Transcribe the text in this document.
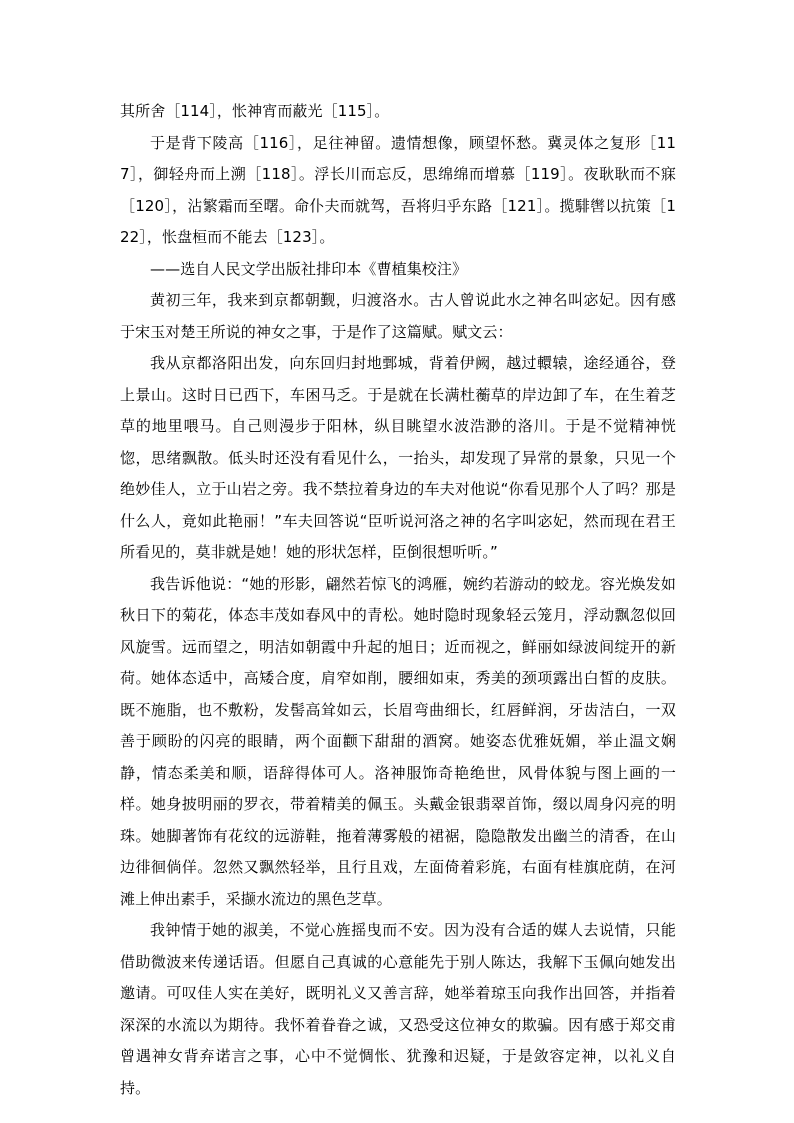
其所舍［114］，怅神宵而蔽光［115］。

于是背下陵高［116］，足往神留。遗情想像，顾望怀愁。冀灵体之复形［117］，御轻舟而上溯［118］。浮长川而忘反，思绵绵而增慕［119］。夜耿耿而不寐［120］，沾繁霜而至曙。命仆夫而就驾，吾将归乎东路［121］。揽騑辔以抗策［122］，怅盘桓而不能去［123］。

——选自人民文学出版社排印本《曹植集校注》

黄初三年，我来到京都朝觐，归渡洛水。古人曾说此水之神名叫宓妃。因有感于宋玉对楚王所说的神女之事，于是作了这篇赋。赋文云：

我从京都洛阳出发，向东回归封地鄄城，背着伊阙，越过轘辕，途经通谷，登上景山。这时日已西下，车困马乏。于是就在长满杜蘅草的岸边卸了车，在生着芝草的地里喂马。自己则漫步于阳林，纵目眺望水波浩渺的洛川。于是不觉精神恍惚，思绪飘散。低头时还没有看见什么，一抬头，却发现了异常的景象，只见一个绝妙佳人，立于山岩之旁。我不禁拉着身边的车夫对他说“你看见那个人了吗？那是什么人，竟如此艳丽！”车夫回答说“臣听说河洛之神的名字叫宓妃，然而现在君王所看见的，莫非就是她！她的形状怎样，臣倒很想听听。”

我告诉他说：“她的形影，翩然若惊飞的鸿雁，婉约若游动的蛟龙。容光焕发如秋日下的菊花，体态丰茂如春风中的青松。她时隐时现象轻云笼月，浮动飘忽似回风旋雪。远而望之，明洁如朝霞中升起的旭日；近而视之，鲜丽如绿波间绽开的新荷。她体态适中，高矮合度，肩窄如削，腰细如束，秀美的颈项露出白皙的皮肤。既不施脂，也不敷粉，发髻高耸如云，长眉弯曲细长，红唇鲜润，牙齿洁白，一双善于顾盼的闪亮的眼睛，两个面颧下甜甜的酒窝。她姿态优雅妩媚，举止温文娴静，情态柔美和顺，语辞得体可人。洛神服饰奇艳绝世，风骨体貌与图上画的一样。她身披明丽的罗衣，带着精美的佩玉。头戴金银翡翠首饰，缀以周身闪亮的明珠。她脚著饰有花纹的远游鞋，拖着薄雾般的裙裾，隐隐散发出幽兰的清香，在山边徘徊倘佯。忽然又飘然轻举，且行且戏，左面倚着彩旄，右面有桂旗庇荫，在河滩上伸出素手，采撷水流边的黑色芝草。

我钟情于她的淑美，不觉心旌摇曳而不安。因为没有合适的媒人去说情，只能借助微波来传递话语。但愿自己真诚的心意能先于别人陈达，我解下玉佩向她发出邀请。可叹佳人实在美好，既明礼义又善言辞，她举着琼玉向我作出回答，并指着深深的水流以为期待。我怀着眷眷之诚，又恐受这位神女的欺骗。因有感于郑交甫曾遇神女背弃诺言之事，心中不觉惆怅、犹豫和迟疑，于是敛容定神，以礼义自持。
